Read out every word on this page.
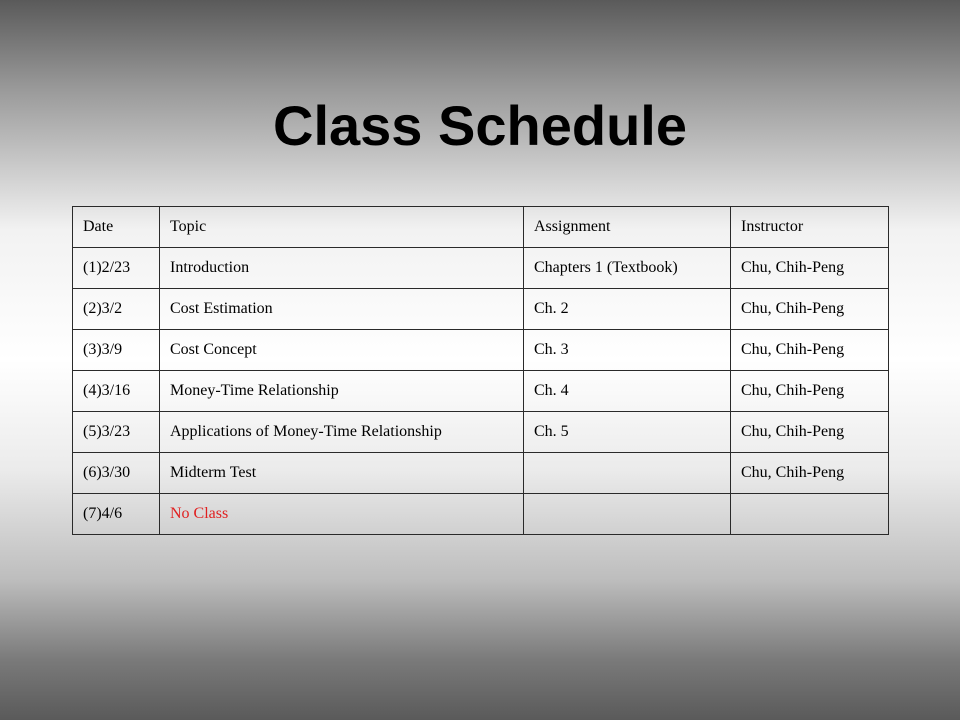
Class Schedule
Date	Topic	Assignment	Instructor
(1)2/23	Introduction	Chapters 1 (Textbook)	Chu, Chih-Peng
(2)3/2	Cost Estimation	Ch. 2	Chu, Chih-Peng
(3)3/9	Cost Concept	Ch. 3	Chu, Chih-Peng
(4)3/16	Money-Time Relationship	Ch. 4	Chu, Chih-Peng
(5)3/23	Applications of Money-Time Relationship	Ch. 5	Chu, Chih-Peng
(6)3/30	Midterm Test		Chu, Chih-Peng
(7)4/6	No Class		
